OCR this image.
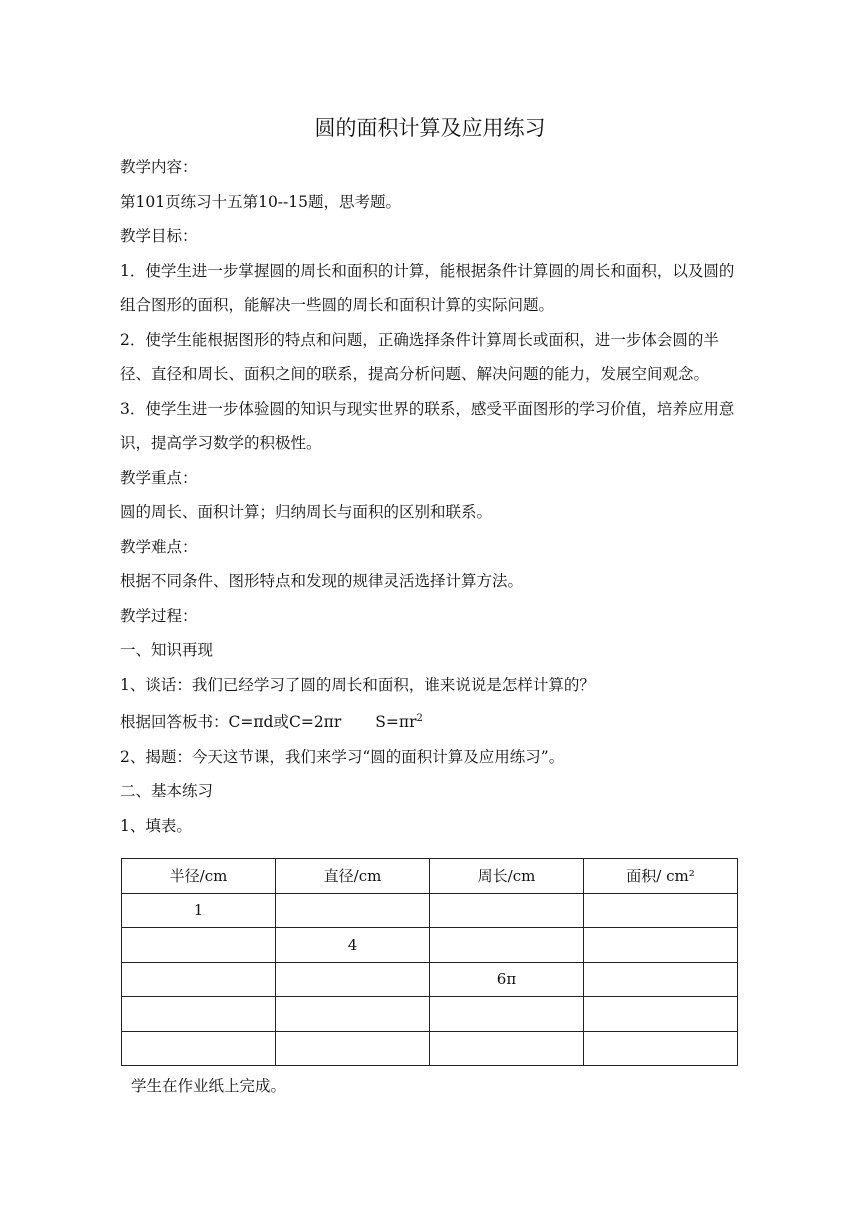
圆的面积计算及应用练习

教学内容：

第101页练习十五第10--15题，思考题。

教学目标：

1．使学生进一步掌握圆的周长和面积的计算，能根据条件计算圆的周长和面积，以及圆的组合图形的面积，能解决一些圆的周长和面积计算的实际问题。

2．使学生能根据图形的特点和问题，正确选择条件计算周长或面积，进一步体会圆的半径、直径和周长、面积之间的联系，提高分析问题、解决问题的能力，发展空间观念。

3．使学生进一步体验圆的知识与现实世界的联系，感受平面图形的学习价值，培养应用意识，提高学习数学的积极性。

教学重点：

圆的周长、面积计算；归纳周长与面积的区别和联系。

教学难点：

根据不同条件、图形特点和发现的规律灵活选择计算方法。

教学过程：

一、知识再现

1、谈话：我们已经学习了圆的周长和面积，谁来说说是怎样计算的？

根据回答板书：C=πd或C=2πr $S=\pi r^2$

2、揭题：今天这节课，我们来学习“圆的面积计算及应用练习”。

二、基本练习

1、填表。

半径/cm	直径/cm	周长/cm	面积/ cm²
1			
	4		
		6π	

学生在作业纸上完成。
